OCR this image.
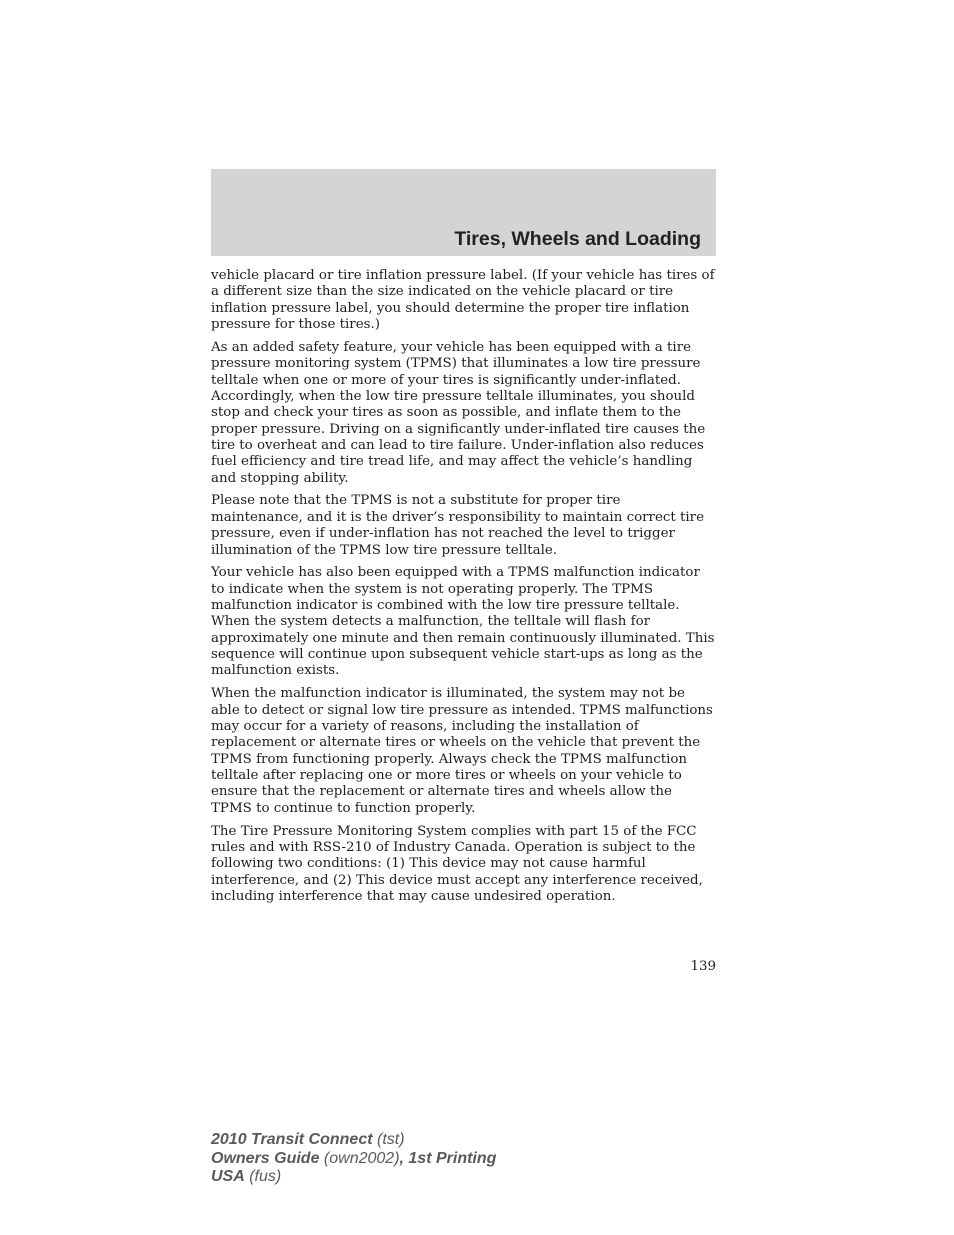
Tires, Wheels and Loading

vehicle placard or tire inflation pressure label. (If your vehicle has tires of a different size than the size indicated on the vehicle placard or tire inflation pressure label, you should determine the proper tire inflation pressure for those tires.)

As an added safety feature, your vehicle has been equipped with a tire pressure monitoring system (TPMS) that illuminates a low tire pressure telltale when one or more of your tires is significantly under-inflated. Accordingly, when the low tire pressure telltale illuminates, you should stop and check your tires as soon as possible, and inflate them to the proper pressure. Driving on a significantly under-inflated tire causes the tire to overheat and can lead to tire failure. Under-inflation also reduces fuel efficiency and tire tread life, and may affect the vehicle’s handling and stopping ability.

Please note that the TPMS is not a substitute for proper tire maintenance, and it is the driver’s responsibility to maintain correct tire pressure, even if under-inflation has not reached the level to trigger illumination of the TPMS low tire pressure telltale.

Your vehicle has also been equipped with a TPMS malfunction indicator to indicate when the system is not operating properly. The TPMS malfunction indicator is combined with the low tire pressure telltale. When the system detects a malfunction, the telltale will flash for approximately one minute and then remain continuously illuminated. This sequence will continue upon subsequent vehicle start-ups as long as the malfunction exists.

When the malfunction indicator is illuminated, the system may not be able to detect or signal low tire pressure as intended. TPMS malfunctions may occur for a variety of reasons, including the installation of replacement or alternate tires or wheels on the vehicle that prevent the TPMS from functioning properly. Always check the TPMS malfunction telltale after replacing one or more tires or wheels on your vehicle to ensure that the replacement or alternate tires and wheels allow the TPMS to continue to function properly.

The Tire Pressure Monitoring System complies with part 15 of the FCC rules and with RSS-210 of Industry Canada. Operation is subject to the following two conditions: (1) This device may not cause harmful interference, and (2) This device must accept any interference received, including interference that may cause undesired operation.

139
2010 Transit Connect (tst)
Owners Guide (own2002), 1st Printing
USA (fus)
